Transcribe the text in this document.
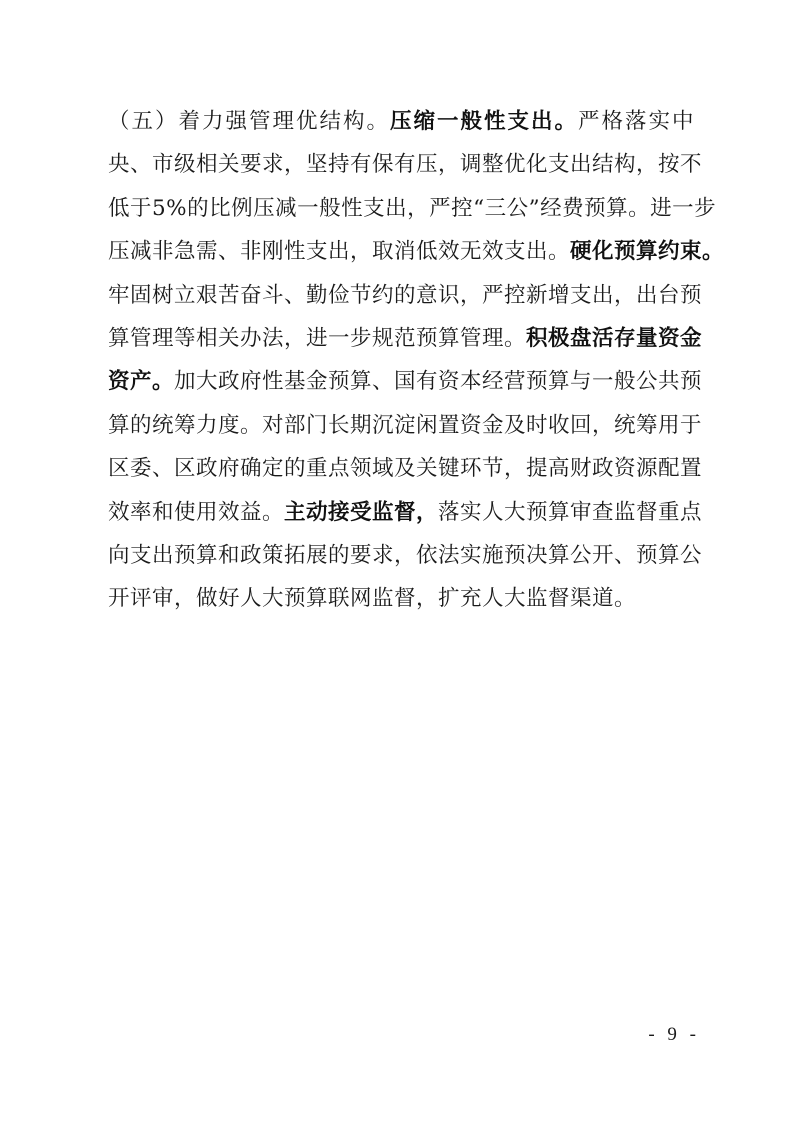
（五）着力强管理优结构。压缩一般性支出。严格落实中
央、市级相关要求，坚持有保有压，调整优化支出结构，按不
低于5%的比例压减一般性支出，严控“三公”经费预算。进一步
压减非急需、非刚性支出，取消低效无效支出。硬化预算约束。
牢固树立艰苦奋斗、勤俭节约的意识，严控新增支出，出台预
算管理等相关办法，进一步规范预算管理。积极盘活存量资金
资产。加大政府性基金预算、国有资本经营预算与一般公共预
算的统筹力度。对部门长期沉淀闲置资金及时收回，统筹用于
区委、区政府确定的重点领域及关键环节，提高财政资源配置
效率和使用效益。主动接受监督，落实人大预算审查监督重点
向支出预算和政策拓展的要求，依法实施预决算公开、预算公
开评审，做好人大预算联网监督，扩充人大监督渠道。
- 9 -
